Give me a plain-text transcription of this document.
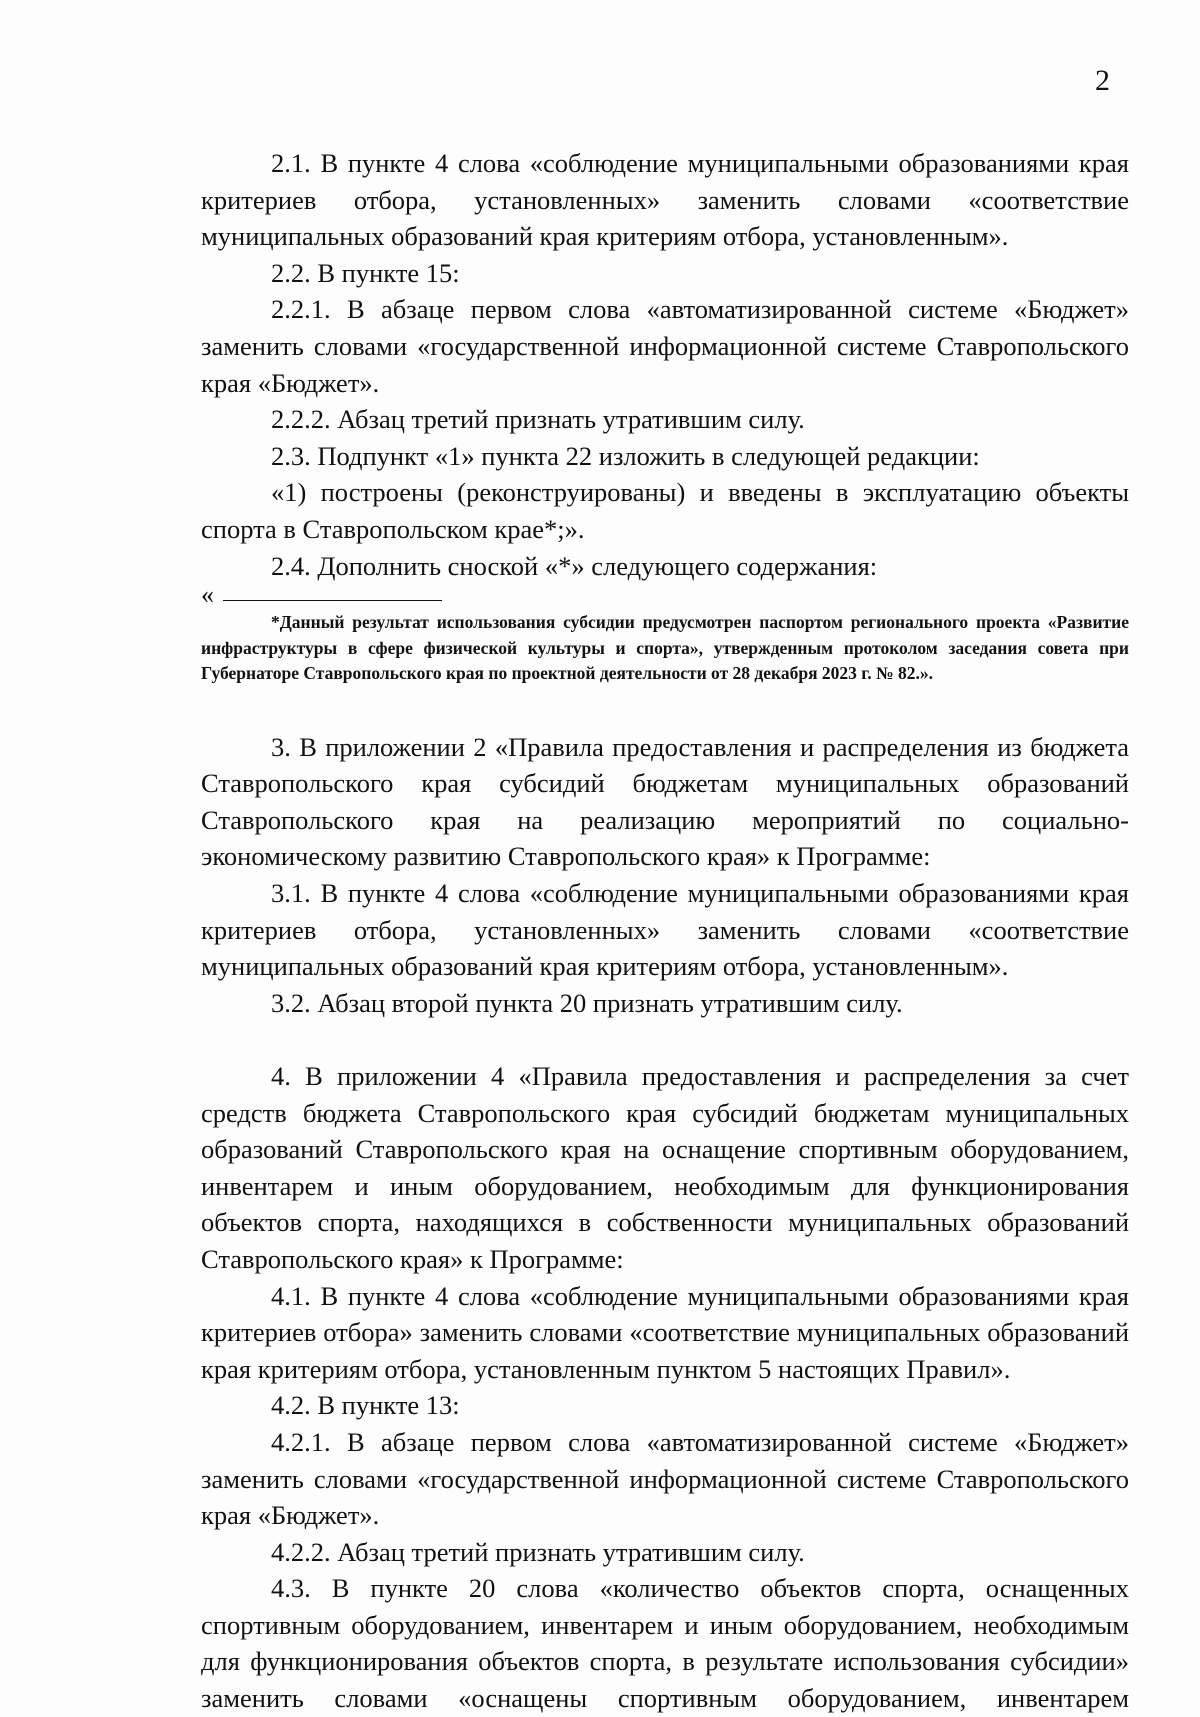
2

2.1. В пункте 4 слова «соблюдение муниципальными образованиями края критериев отбора, установленных» заменить словами «соответствие муниципальных образований края критериям отбора, установленным».

2.2. В пункте 15:

2.2.1. В абзаце первом слова «автоматизированной системе «Бюджет» заменить словами «государственной информационной системе Ставропольского края «Бюджет».

2.2.2. Абзац третий признать утратившим силу.

2.3. Подпункт «1» пункта 22 изложить в следующей редакции:

«1) построены (реконструированы) и введены в эксплуатацию объекты спорта в Ставропольском крае*;».

2.4. Дополнить сноской «*» следующего содержания:

«

*Данный результат использования субсидии предусмотрен паспортом регионального проекта «Развитие инфраструктуры в сфере физической культуры и спорта», утвержденным протоколом заседания совета при Губернаторе Ставропольского края по проектной деятельности от 28 декабря 2023 г. № 82.».

3. В приложении 2 «Правила предоставления и распределения из бюджета Ставропольского края субсидий бюджетам муниципальных образований Ставропольского края на реализацию мероприятий по социально-экономическому развитию Ставропольского края» к Программе:

3.1. В пункте 4 слова «соблюдение муниципальными образованиями края критериев отбора, установленных» заменить словами «соответствие муниципальных образований края критериям отбора, установленным».

3.2. Абзац второй пункта 20 признать утратившим силу.

4. В приложении 4 «Правила предоставления и распределения за счет средств бюджета Ставропольского края субсидий бюджетам муниципальных образований Ставропольского края на оснащение спортивным оборудованием, инвентарем и иным оборудованием, необходимым для функционирования объектов спорта, находящихся в собственности муниципальных образований Ставропольского края» к Программе:

4.1. В пункте 4 слова «соблюдение муниципальными образованиями края критериев отбора» заменить словами «соответствие муниципальных образований края критериям отбора, установленным пунктом 5 настоящих Правил».

4.2. В пункте 13:

4.2.1. В абзаце первом слова «автоматизированной системе «Бюджет» заменить словами «государственной информационной системе Ставропольского края «Бюджет».

4.2.2. Абзац третий признать утратившим силу.

4.3. В пункте 20 слова «количество объектов спорта, оснащенных спортивным оборудованием, инвентарем и иным оборудованием, необходимым для функционирования объектов спорта, в результате использования субсидии» заменить словами «оснащены спортивным оборудованием, инвентарем
